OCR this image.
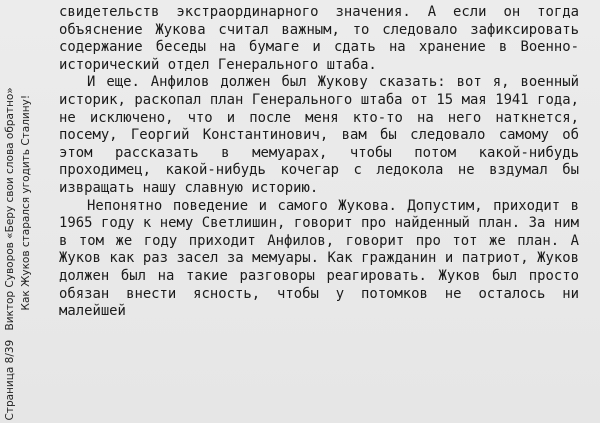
Страница 8/39
Виктор Суворов «Беру свои слова обратно» Как Жуков старался угодить Сталину!

свидетельств экстраординарного значения. А если он тогда объяснение Жукова считал важным, то следовало зафиксировать содержание беседы на бумаге и сдать на хранение в Военно-исторический отдел Генерального штаба.

И еще. Анфилов должен был Жукову сказать: вот я, военный историк, раскопал план Генерального штаба от 15 мая 1941 года, не исключено, что и после меня кто-то на него наткнется, посему, Георгий Константинович, вам бы следовало самому об этом рассказать в мемуарах, чтобы потом какой-нибудь проходимец, какой-нибудь кочегар с ледокола не вздумал бы извращать нашу славную историю.

Непонятно поведение и самого Жукова. Допустим, приходит в 1965 году к нему Светлишин, говорит про найденный план. За ним в том же году приходит Анфилов, говорит про тот же план. А Жуков как раз засел за мемуары. Как гражданин и патриот, Жуков должен был на такие разговоры реагировать. Жуков был просто обязан внести ясность, чтобы у потомков не осталось ни малейшей
